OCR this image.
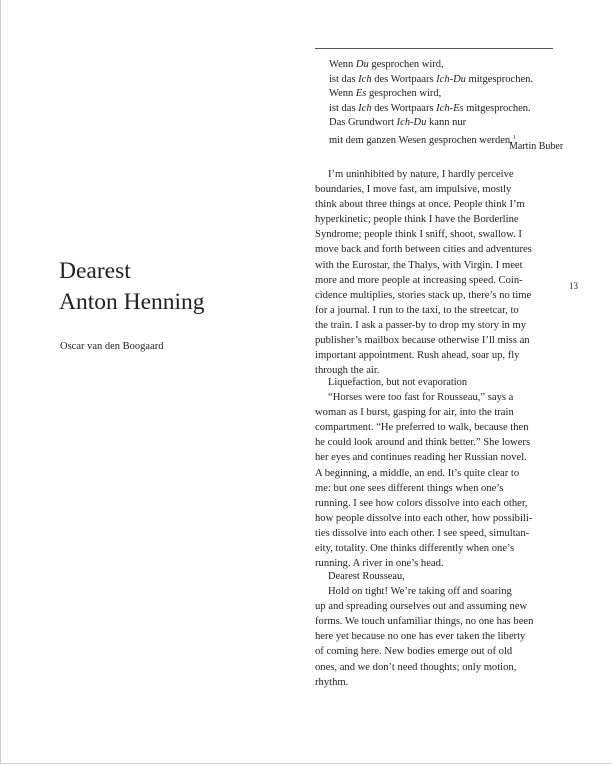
Dearest
Anton Henning
Oscar van den Boogaard
13
Wenn Du gesprochen wird,
ist das Ich des Wortpaars Ich-Du mitgesprochen.
Wenn Es gesprochen wird,
ist das Ich des Wortpaars Ich-Es mitgesprochen.
Das Grundwort Ich-Du kann nur
mit dem ganzen Wesen gesprochen werden.$^1$
Martin Buber
I’m uninhibited by nature, I hardly perceive
boundaries, I move fast, am impulsive, mostly
think about three things at once. People think I’m
hyperkinetic; people think I have the Borderline
Syndrome; people think I sniff, shoot, swallow. I
move back and forth between cities and adventures
with the Eurostar, the Thalys, with Virgin. I meet
more and more people at increasing speed. Coin-
cidence multiplies, stories stack up, there’s no time
for a journal. I run to the taxi, to the streetcar, to
the train. I ask a passer-by to drop my story in my
publisher’s mailbox because otherwise I’ll miss an
important appointment. Rush ahead, soar up, fly
through the air.
Liquefaction, but not evaporation
“Horses were too fast for Rousseau,” says a
woman as I burst, gasping for air, into the train
compartment. “He preferred to walk, because then
he could look around and think better.” She lowers
her eyes and continues reading her Russian novel.
A beginning, a middle, an end. It’s quite clear to
me: but one sees different things when one’s
running. I see how colors dissolve into each other,
how people dissolve into each other, how possibili-
ties dissolve into each other. I see speed, simultan-
eity, totality. One thinks differently when one’s
running. A river in one’s head.
Dearest Rousseau,
Hold on tight! We’re taking off and soaring
up and spreading ourselves out and assuming new
forms. We touch unfamiliar things, no one has been
here yet because no one has ever taken the liberty
of coming here. New bodies emerge out of old
ones, and we don’t need thoughts; only motion,
rhythm.
